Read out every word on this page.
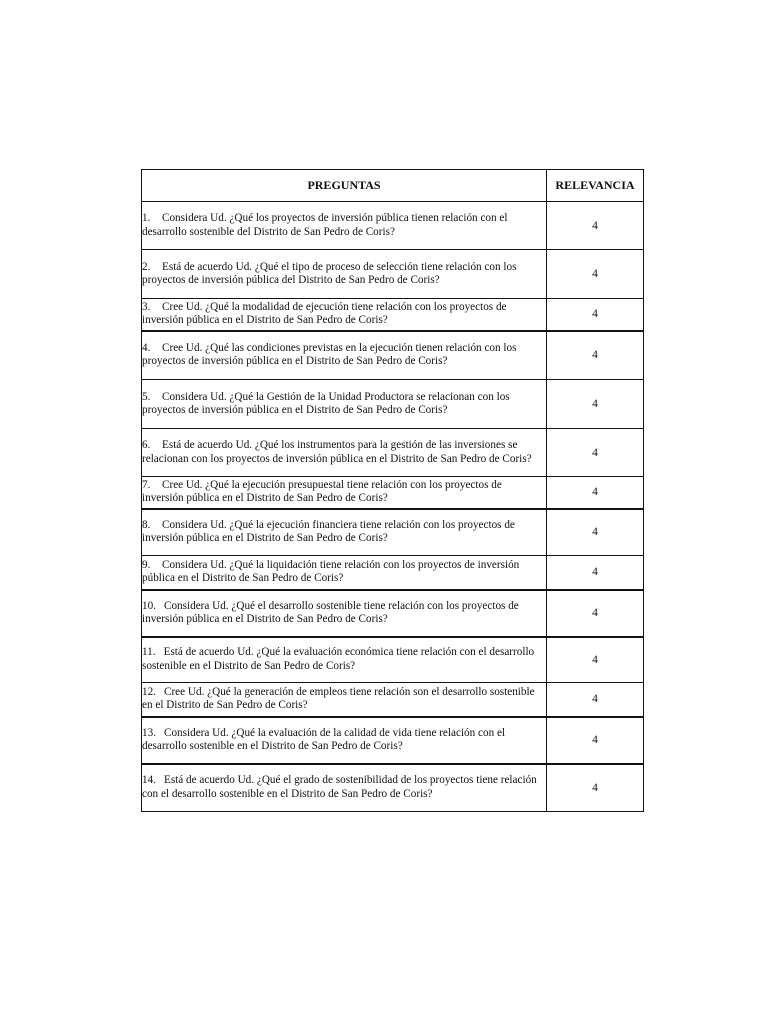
PREGUNTAS	RELEVANCIA
1. Considera Ud. ¿Qué los proyectos de inversión pública tienen relación con el desarrollo sostenible del Distrito de San Pedro de Coris?	4
2. Está de acuerdo Ud. ¿Qué el tipo de proceso de selección tiene relación con los proyectos de inversión pública del Distrito de San Pedro de Coris?	4
3. Cree Ud. ¿Qué la modalidad de ejecución tiene relación con los proyectos de inversión pública en el Distrito de San Pedro de Coris?	4
4. Cree Ud. ¿Qué las condiciones previstas en la ejecución tienen relación con los proyectos de inversión pública en el Distrito de San Pedro de Coris?	4
5. Considera Ud. ¿Qué la Gestión de la Unidad Productora se relacionan con los proyectos de inversión pública en el Distrito de San Pedro de Coris?	4
6. Está de acuerdo Ud. ¿Qué los instrumentos para la gestión de las inversiones se relacionan con los proyectos de inversión pública en el Distrito de San Pedro de Coris?	4
7. Cree Ud. ¿Qué la ejecución presupuestal tiene relación con los proyectos de inversión pública en el Distrito de San Pedro de Coris?	4
8. Considera Ud. ¿Qué la ejecución financiera tiene relación con los proyectos de inversión pública en el Distrito de San Pedro de Coris?	4
9. Considera Ud. ¿Qué la liquidación tiene relación con los proyectos de inversión pública en el Distrito de San Pedro de Coris?	4
10. Considera Ud. ¿Qué el desarrollo sostenible tiene relación con los proyectos de inversión pública en el Distrito de San Pedro de Coris?	4
11. Está de acuerdo Ud. ¿Qué la evaluación económica tiene relación con el desarrollo sostenible en el Distrito de San Pedro de Coris?	4
12. Cree Ud. ¿Qué la generación de empleos tiene relación son el desarrollo sostenible en el Distrito de San Pedro de Coris?	4
13. Considera Ud. ¿Qué la evaluación de la calidad de vida tiene relación con el desarrollo sostenible en el Distrito de San Pedro de Coris?	4
14. Está de acuerdo Ud. ¿Qué el grado de sostenibilidad de los proyectos tiene relación con el desarrollo sostenible en el Distrito de San Pedro de Coris?	4
